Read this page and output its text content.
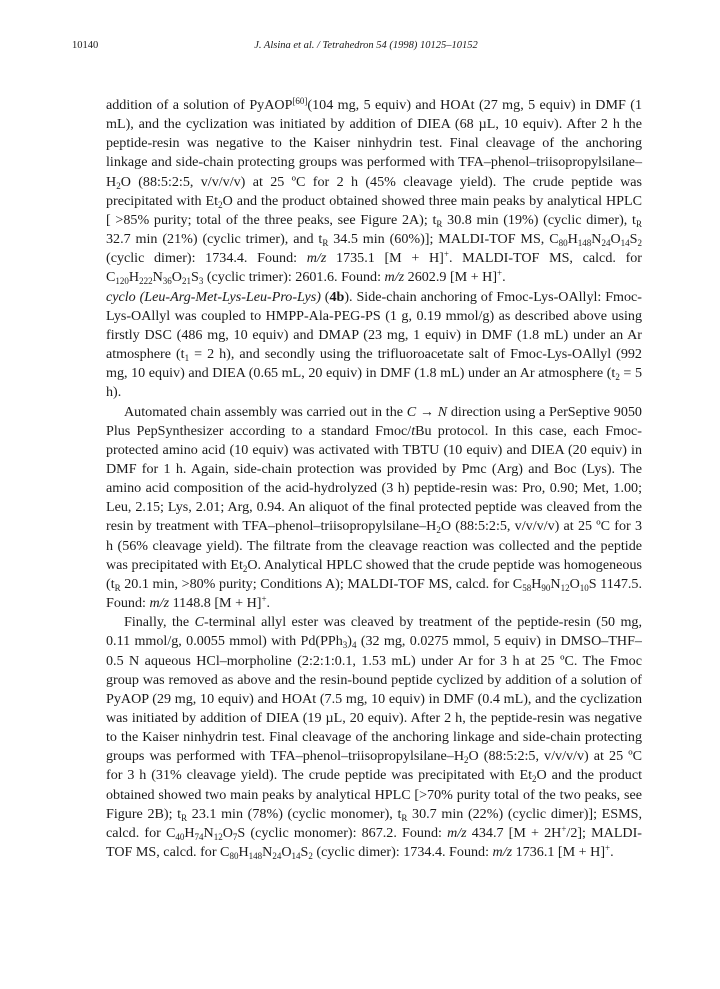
10140	J. Alsina et al. / Tetrahedron 54 (1998) 10125–10152

addition of a solution of PyAOP[60](104 mg, 5 equiv) and HOAt (27 mg, 5 equiv) in DMF (1 mL), and the cyclization was initiated by addition of DIEA (68 µL, 10 equiv). After 2 h the peptide-resin was negative to the Kaiser ninhydrin test. Final cleavage of the anchoring linkage and side-chain protecting groups was performed with TFA–$phenol-triisopropylsilane-H_2O$ (88:5:2:5, v/v/v/v) at 25 ºC for 2 h (45% cleavage yield). The crude peptide was precipitated with $Et_2O$ and the product obtained showed three main peaks by analytical HPLC [ >85% purity; total of the three peaks, see Figure 2A); $t_R$ 30.8 min (19%) (cyclic dimer), $t_R$ 32.7 min (21%) (cyclic trimer), and $t_R$ 34.5 min (60%)]; MALDI-TOF MS, $C_{80}H_{148}N_{24}O_{14}S_2$ (cyclic dimer): 1734.4. Found: m/z 1735.1 [M + H]+. MALDI-TOF MS, calcd. for $C_{120}H_{222}N_{36}O_{21}S_3$ (cyclic trimer): 2601.6. Found: m/z 2602.9 [M + H]+.

cyclo (Leu-Arg-Met-Lys-Leu-Pro-Lys) (4b). Side-chain anchoring of Fmoc-Lys-OAllyl: Fmoc-Lys-OAllyl was coupled to HMPP-Ala-PEG-PS (1 g, 0.19 mmol/g) as described above using firstly DSC (486 mg, 10 equiv) and DMAP (23 mg, 1 equiv) in DMF (1.8 mL) under an Ar atmosphere ($t_1 = 2$ h), and secondly using the trifluoroacetate salt of Fmoc-Lys-OAllyl (992 mg, 10 equiv) and DIEA (0.65 mL, 20 equiv) in DMF (1.8 mL) under an Ar atmosphere ($t_2 = 5$ h).

Automated chain assembly was carried out in the C → N direction using a PerSeptive 9050 Plus PepSynthesizer according to a standard Fmoc/tBu protocol. In this case, each Fmoc-protected amino acid (10 equiv) was activated with TBTU (10 equiv) and DIEA (20 equiv) in DMF for 1 h. Again, side-chain protection was provided by Pmc (Arg) and Boc (Lys). The amino acid composition of the acid-hydrolyzed (3 h) peptide-resin was: Pro, 0.90; Met, 1.00; Leu, 2.15; Lys, 2.01; Arg, 0.94. An aliquot of the final protected peptide was cleaved from the resin by treatment with TFA–$phenol-triisopropylsilane-H_2O$ (88:5:2:5, v/v/v/v) at 25 ºC for 3 h (56% cleavage yield). The filtrate from the cleavage reaction was collected and the peptide was precipitated with $Et_2O$. Analytical HPLC showed that the crude peptide was homogeneous ($t_R$ 20.1 min, >80% purity; Conditions A); MALDI-TOF MS, calcd. for $C_{58}H_{90}N_{12}O_{10}S$ 1147.5. Found: m/z 1148.8 [M + H]+.

Finally, the C-terminal allyl ester was cleaved by treatment of the peptide-resin (50 mg, 0.11 mmol/g, 0.0055 mmol) with $Pd(PPh_3)_4$ (32 mg, 0.0275 mmol, 5 equiv) in DMSO–THF–0.5 N aqueous HCl–morpholine (2:2:1:0.1, 1.53 mL) under Ar for 3 h at 25 ºC. The Fmoc group was removed as above and the resin-bound peptide cyclized by addition of a solution of PyAOP (29 mg, 10 equiv) and HOAt (7.5 mg, 10 equiv) in DMF (0.4 mL), and the cyclization was initiated by addition of DIEA (19 µL, 20 equiv). After 2 h, the peptide-resin was negative to the Kaiser ninhydrin test. Final cleavage of the anchoring linkage and side-chain protecting groups was performed with TFA–$phenol-triisopropylsilane-H_2O$ (88:5:2:5, v/v/v/v) at 25 ºC for 3 h (31% cleavage yield). The crude peptide was precipitated with $Et_2O$ and the product obtained showed two main peaks by analytical HPLC [>70% purity total of the two peaks, see Figure 2B); $t_R$ 23.1 min (78%) (cyclic monomer), $t_R$ 30.7 min (22%) (cyclic dimer)]; ESMS, calcd. for $C_{40}H_{74}N_{12}O_7S$ (cyclic monomer): 867.2. Found: m/z 434.7 [M + 2H+/2]; MALDI-TOF MS, calcd. for $C_{80}H_{148}N_{24}O_{14}S_2$ (cyclic dimer): 1734.4. Found: m/z 1736.1 [M + H]+.
